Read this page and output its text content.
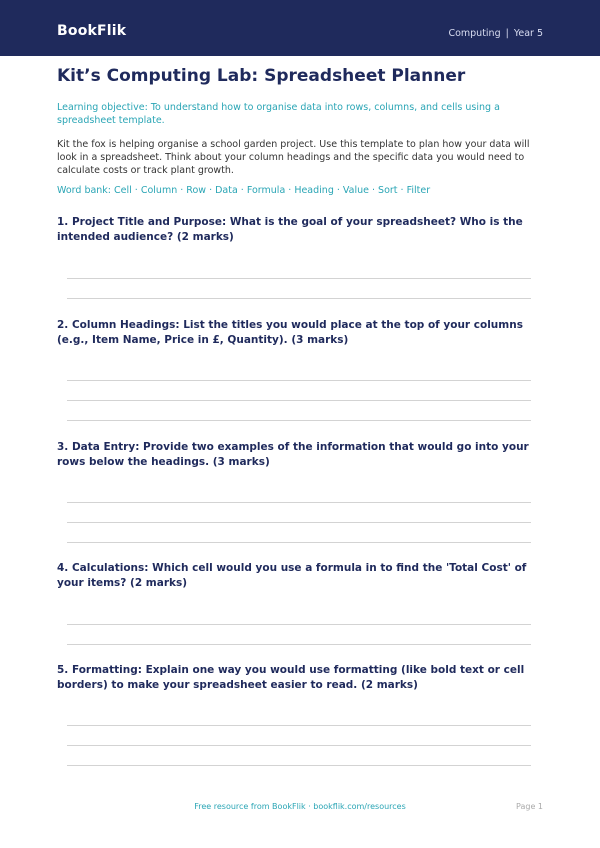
BookFlik	Computing | Year 5
Kit’s Computing Lab: Spreadsheet Planner
Learning objective: To understand how to organise data into rows, columns, and cells using a spreadsheet template.
Kit the fox is helping organise a school garden project. Use this template to plan how your data will look in a spreadsheet. Think about your column headings and the specific data you would need to calculate costs or track plant growth.
Word bank: Cell · Column · Row · Data · Formula · Heading · Value · Sort · Filter
1. Project Title and Purpose: What is the goal of your spreadsheet? Who is the intended audience? (2 marks)
2. Column Headings: List the titles you would place at the top of your columns (e.g., Item Name, Price in £, Quantity). (3 marks)
3. Data Entry: Provide two examples of the information that would go into your rows below the headings. (3 marks)
4. Calculations: Which cell would you use a formula in to find the 'Total Cost' of your items? (2 marks)
5. Formatting: Explain one way you would use formatting (like bold text or cell borders) to make your spreadsheet easier to read. (2 marks)
Free resource from BookFlik · bookflik.com/resources	Page 1
